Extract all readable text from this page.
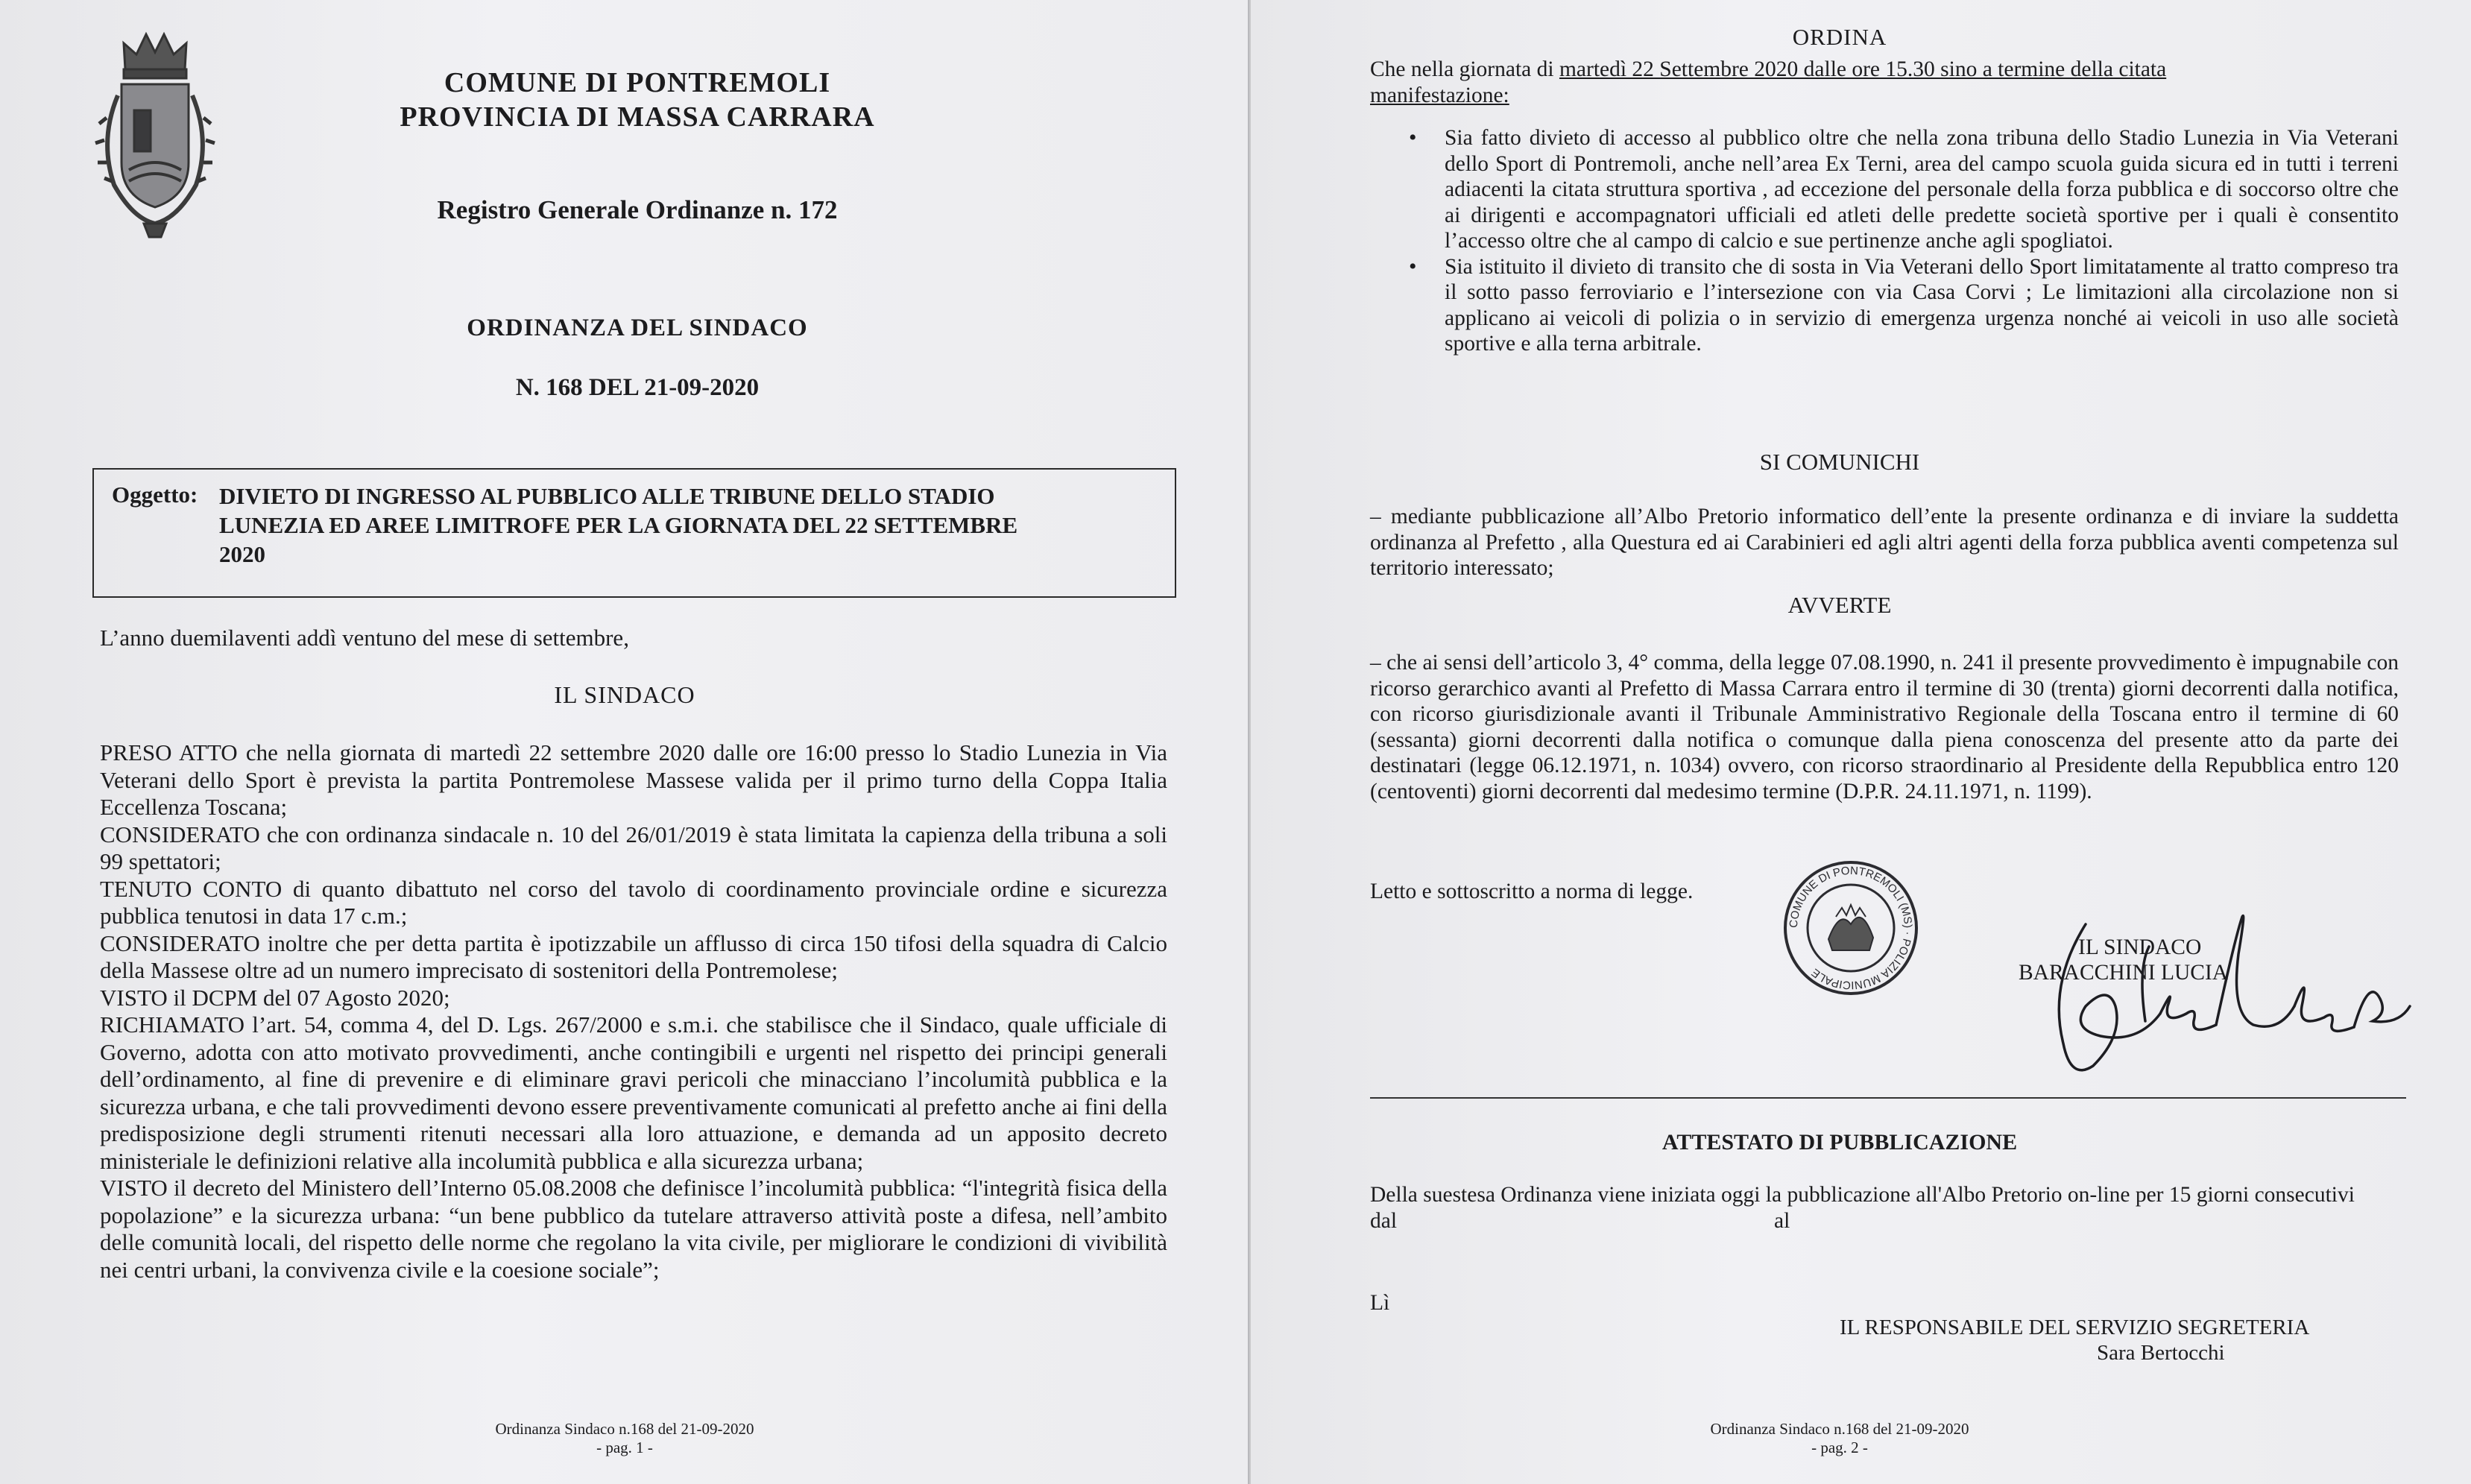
COMUNE DI PONTREMOLI
PROVINCIA DI MASSA CARRARA
Registro Generale Ordinanze n. 172
ORDINANZA DEL SINDACO
N. 168 DEL 21-09-2020
Oggetto: DIVIETO DI INGRESSO AL PUBBLICO ALLE TRIBUNE DELLO STADIO
LUNEZIA ED AREE LIMITROFE PER LA GIORNATA DEL 22 SETTEMBRE
2020
L’anno duemilaventi addì ventuno del mese di settembre,
IL SINDACO

PRESO ATTO che nella giornata di martedì 22 settembre 2020 dalle ore 16:00 presso lo Stadio Lunezia in Via Veterani dello Sport è prevista la partita Pontremolese Massese valida per il primo turno della Coppa Italia Eccellenza Toscana;

CONSIDERATO che con ordinanza sindacale n. 10 del 26/01/2019 è stata limitata la capienza della tribuna a soli 99 spettatori;

TENUTO CONTO di quanto dibattuto nel corso del tavolo di coordinamento provinciale ordine e sicurezza pubblica tenutosi in data 17 c.m.;

CONSIDERATO inoltre che per detta partita è ipotizzabile un afflusso di circa 150 tifosi della squadra di Calcio della Massese oltre ad un numero imprecisato di sostenitori della Pontremolese;

VISTO il DCPM del 07 Agosto 2020;

RICHIAMATO l’art. 54, comma 4, del D. Lgs. 267/2000 e s.m.i. che stabilisce che il Sindaco, quale ufficiale di Governo, adotta con atto motivato provvedimenti, anche contingibili e urgenti nel rispetto dei principi generali dell’ordinamento, al fine di prevenire e di eliminare gravi pericoli che minacciano l’incolumità pubblica e la sicurezza urbana, e che tali provvedimenti devono essere preventivamente comunicati al prefetto anche ai fini della predisposizione degli strumenti ritenuti necessari alla loro attuazione, e demanda ad un apposito decreto ministeriale le definizioni relative alla incolumità pubblica e alla sicurezza urbana;

VISTO il decreto del Ministero dell’Interno 05.08.2008 che definisce l’incolumità pubblica: “l'integrità fisica della popolazione” e la sicurezza urbana: “un bene pubblico da tutelare attraverso attività poste a difesa, nell’ambito delle comunità locali, del rispetto delle norme che regolano la vita civile, per migliorare le condizioni di vivibilità nei centri urbani, la convivenza civile e la coesione sociale”;

Ordinanza Sindaco n.168 del 21-09-2020
- pag. 1 -
ORDINA
Che nella giornata di martedì 22 Settembre 2020 dalle ore 15.30 sino a termine della citata
manifestazione:
• Sia fatto divieto di accesso al pubblico oltre che nella zona tribuna dello Stadio Lunezia in Via Veterani dello Sport di Pontremoli, anche nell’area Ex Terni, area del campo scuola guida sicura ed in tutti i terreni adiacenti la citata struttura sportiva , ad eccezione del personale della forza pubblica e di soccorso oltre che ai dirigenti e accompagnatori ufficiali ed atleti delle predette società sportive per i quali è consentito l’accesso oltre che al campo di calcio e sue pertinenze anche agli spogliatoi.
• Sia istituito il divieto di transito che di sosta in Via Veterani dello Sport limitatamente al tratto compreso tra il sotto passo ferroviario e l’intersezione con via Casa Corvi ; Le limitazioni alla circolazione non si applicano ai veicoli di polizia o in servizio di emergenza urgenza nonché ai veicoli in uso alle società sportive e alla terna arbitrale.
SI COMUNICHI
– mediante pubblicazione all’Albo Pretorio informatico dell’ente la presente ordinanza e di inviare la suddetta ordinanza al Prefetto , alla Questura ed ai Carabinieri ed agli altri agenti della forza pubblica aventi competenza sul territorio interessato;
AVVERTE
– che ai sensi dell’articolo 3, 4° comma, della legge 07.08.1990, n. 241 il presente provvedimento è impugnabile con ricorso gerarchico avanti al Prefetto di Massa Carrara entro il termine di 30 (trenta) giorni decorrenti dalla notifica, con ricorso giurisdizionale avanti il Tribunale Amministrativo Regionale della Toscana entro il termine di 60 (sessanta) giorni decorrenti dalla notifica o comunque dalla piena conoscenza del presente atto da parte dei destinatari (legge 06.12.1971, n. 1034) ovvero, con ricorso straordinario al Presidente della Repubblica entro 120 (centoventi) giorni decorrenti dal medesimo termine (D.P.R. 24.11.1971, n. 1199).
Letto e sottoscritto a norma di legge.
COMUNE DI PONTREMOLI (MS) · POLIZIA MUNICIPALE
IL SINDACO
BARACCHINI LUCIA
ATTESTATO DI PUBBLICAZIONE
Della suestesa Ordinanza viene iniziata oggi la pubblicazione all'Albo Pretorio on-line per 15 giorni consecutivi
dal	al
Lì
IL RESPONSABILE DEL SERVIZIO SEGRETERIA
Sara Bertocchi
Ordinanza Sindaco n.168 del 21-09-2020
- pag. 2 -
